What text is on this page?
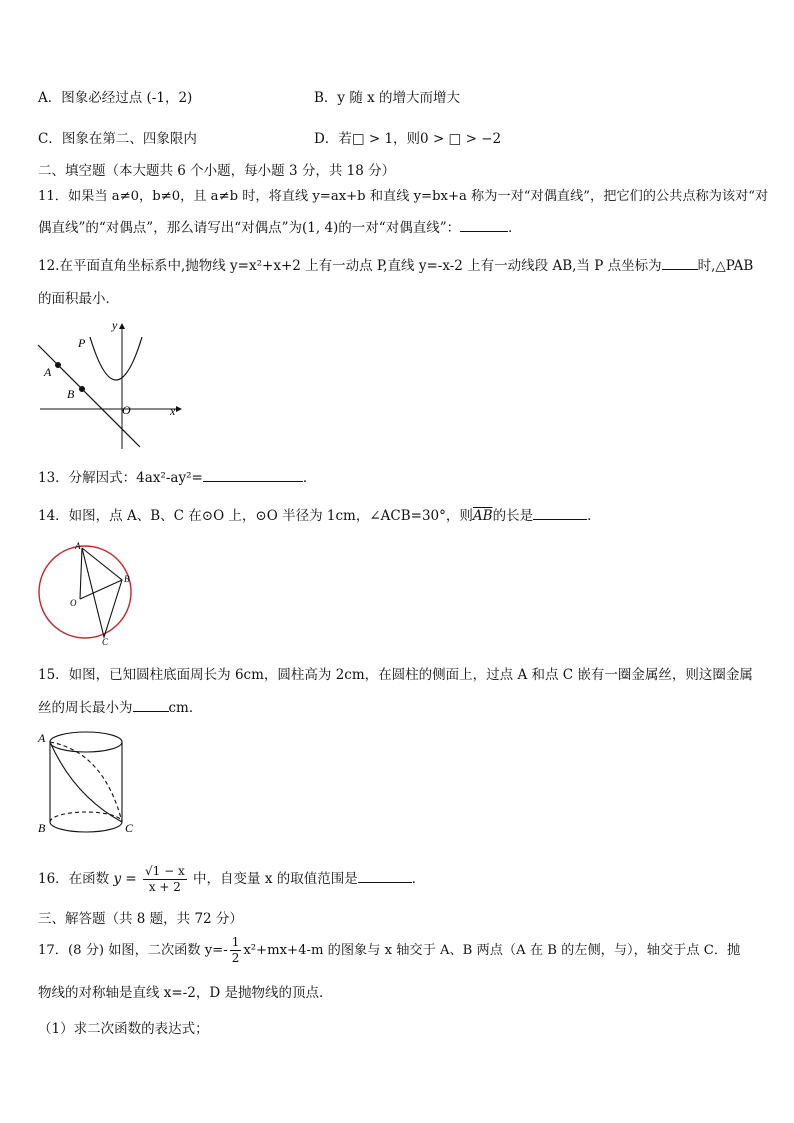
A．图象必经过点 (-1，2)	B．y 随 x 的增大而增大
C．图象在第二、四象限内	D．若□ > 1，则0 > □ > −2
二、填空题（本大题共 6 个小题，每小题 3 分，共 18 分）
11．如果当 a≠0，b≠0，且 a≠b 时，将直线 y=ax+b 和直线 y=bx+a 称为一对“对偶直线”，把它们的公共点称为该对“对
偶直线”的“对偶点”，那么请写出“对偶点”为(1, 4)的一对“对偶直线”：	．
12.在平面直角坐标系中,抛物线 y=x²+x+2 上有一动点 P,直线 y=-x-2 上有一动线段 AB,当 P 点坐标为	时,△PAB
的面积最小．
y
P
A
B
O	x
13．分解因式：4ax²-ay²=	．
14．如图，点 A、B、C 在⊙O 上，⊙O 半径为 1cm，∠ACB=30°，则$\overline{AB}$的长是	．
A
B
C
O
15．如图，已知圆柱底面周长为 6cm，圆柱高为 2cm，在圆柱的侧面上，过点 A 和点 C 嵌有一圈金属丝，则这圈金属
丝的周长最小为	cm．
A
B	C
16．在函数 $y = \frac{√1 - x}{x + 2}$ 中，自变量 x 的取值范围是	．
三、解答题（共 8 题，共 72 分）
17．(8 分) 如图，二次函数 $y=- \frac{1}{2} x^2+mx+4-m$ 的图象与 x 轴交于 A、B 两点（A 在 B 的左侧，与），轴交于点 C．抛
物线的对称轴是直线 x=-2，D 是抛物线的顶点．
（1）求二次函数的表达式；
